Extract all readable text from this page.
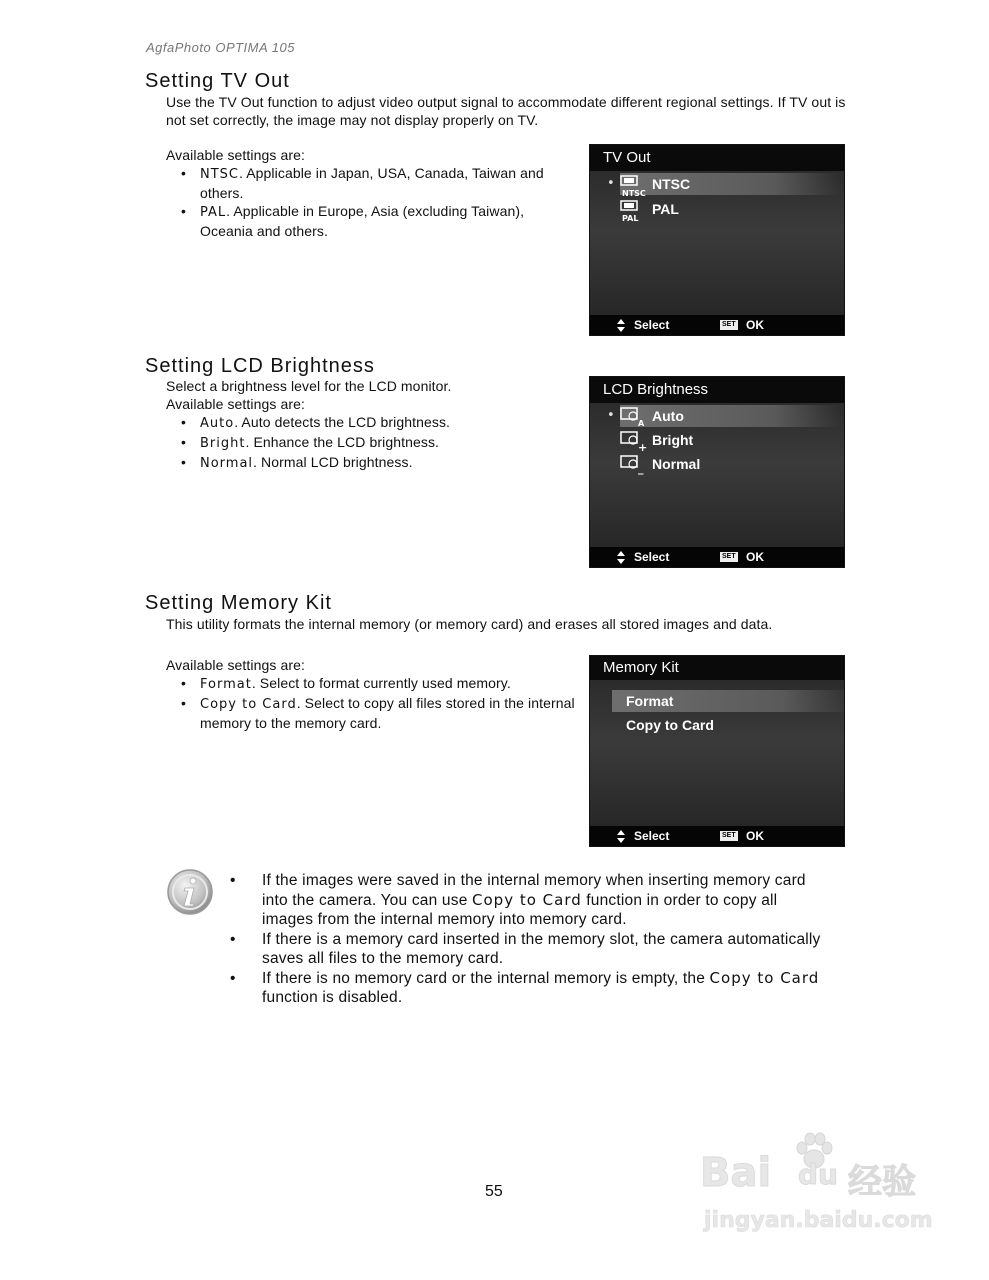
AgfaPhoto OPTIMA 105
Setting TV Out

Use the TV Out function to adjust video output signal to accommodate different regional settings. If TV out is not set correctly, the image may not display properly on TV.

Available settings are:

• NTSC. Applicable in Japan, USA, Canada, Taiwan and others.
• PAL. Applicable in Europe, Asia (excluding Taiwan), Oceania and others.
TV Out
•
NTSC
NTSC
PAL
PAL
Select	SET OK
Setting LCD Brightness

Select a brightness level for the LCD monitor.

Available settings are:

• Auto. Auto detects the LCD brightness.
• Bright. Enhance the LCD brightness.
• Normal. Normal LCD brightness.
LCD Brightness
•
A Auto
+ Bright
_ Normal
Select	SET OK
Setting Memory Kit

This utility formats the internal memory (or memory card) and erases all stored images and data.

Available settings are:

• Format. Select to format currently used memory.
• Copy to Card. Select to copy all files stored in the internal memory to the memory card.
Memory Kit
Format
Copy to Card
Select	SET OK
• If the images were saved in the internal memory when inserting memory card into the camera. You can use Copy to Card function in order to copy all images from the internal memory into memory card.
• If there is a memory card inserted in the memory slot, the camera automatically saves all files to the memory card.
• If there is no memory card or the internal memory is empty, the Copy to Card function is disabled.
55	Bai du 经验
jingyan.baidu.com
